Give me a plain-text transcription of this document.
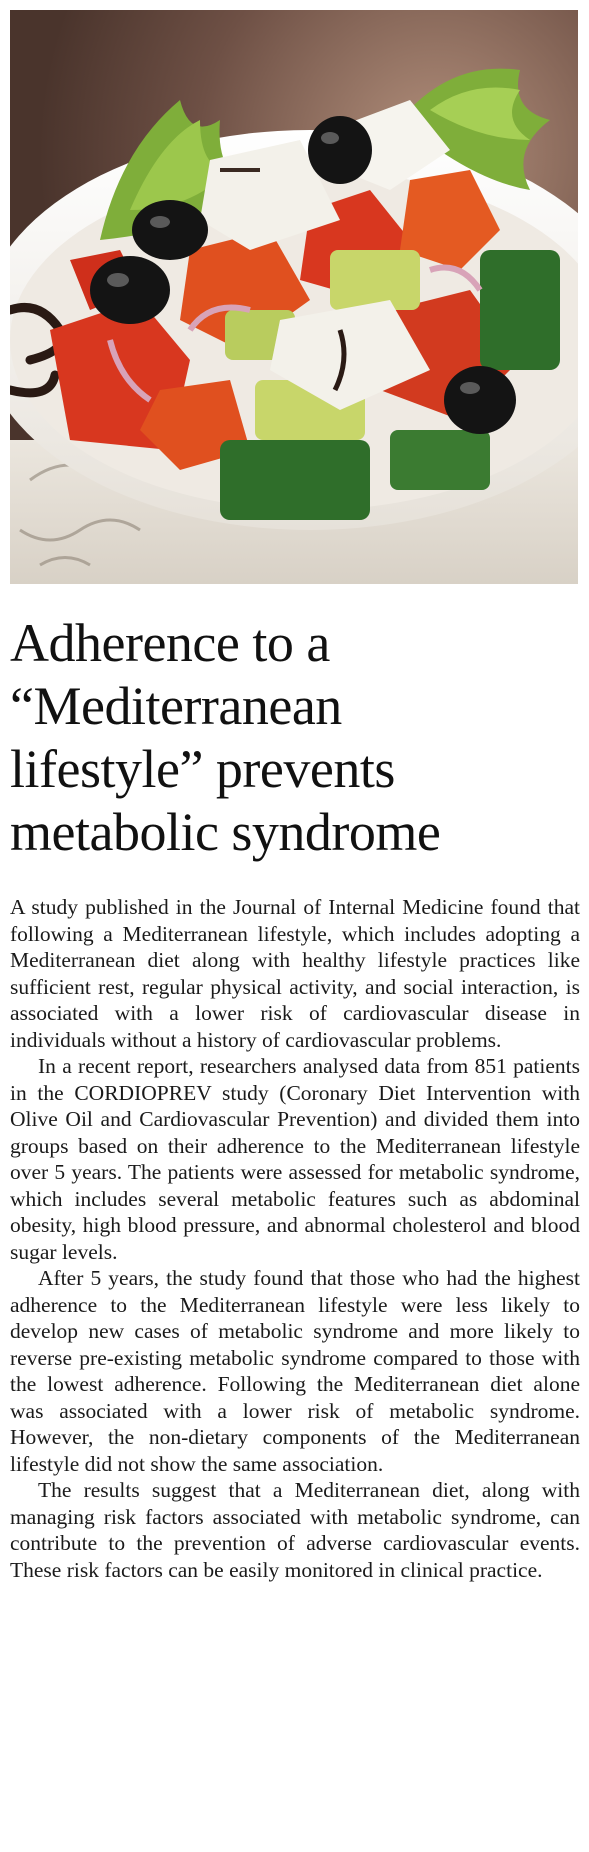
Adherence to a
“Mediterranean
lifestyle” prevents
metabolic syndrome

A study published in the Journal of Internal Medicine found that following a Mediterranean lifestyle, which includes adopting a Mediterranean diet along with healthy lifestyle practices like sufficient rest, regular physical activity, and social interaction, is associated with a lower risk of cardiovascular disease in individuals without a history of cardiovascular problems.

In a recent report, researchers analysed data from 851 patients in the CORDIOPREV study (Coronary Diet Intervention with Olive Oil and Cardiovascular Prevention) and divided them into groups based on their adherence to the Mediterranean lifestyle over 5 years. The patients were assessed for metabolic syndrome, which includes several metabolic features such as abdominal obesity, high blood pressure, and abnormal cholesterol and blood sugar levels.

After 5 years, the study found that those who had the highest adherence to the Mediterranean lifestyle were less likely to develop new cases of metabolic syndrome and more likely to reverse pre-existing metabolic syndrome compared to those with the lowest adherence. Following the Mediterranean diet alone was associated with a lower risk of metabolic syndrome. However, the non-dietary components of the Mediterranean lifestyle did not show the same association.

The results suggest that a Mediterranean diet, along with managing risk factors associated with metabolic syndrome, can contribute to the prevention of adverse cardiovascular events. These risk factors can be easily monitored in clinical practice.
